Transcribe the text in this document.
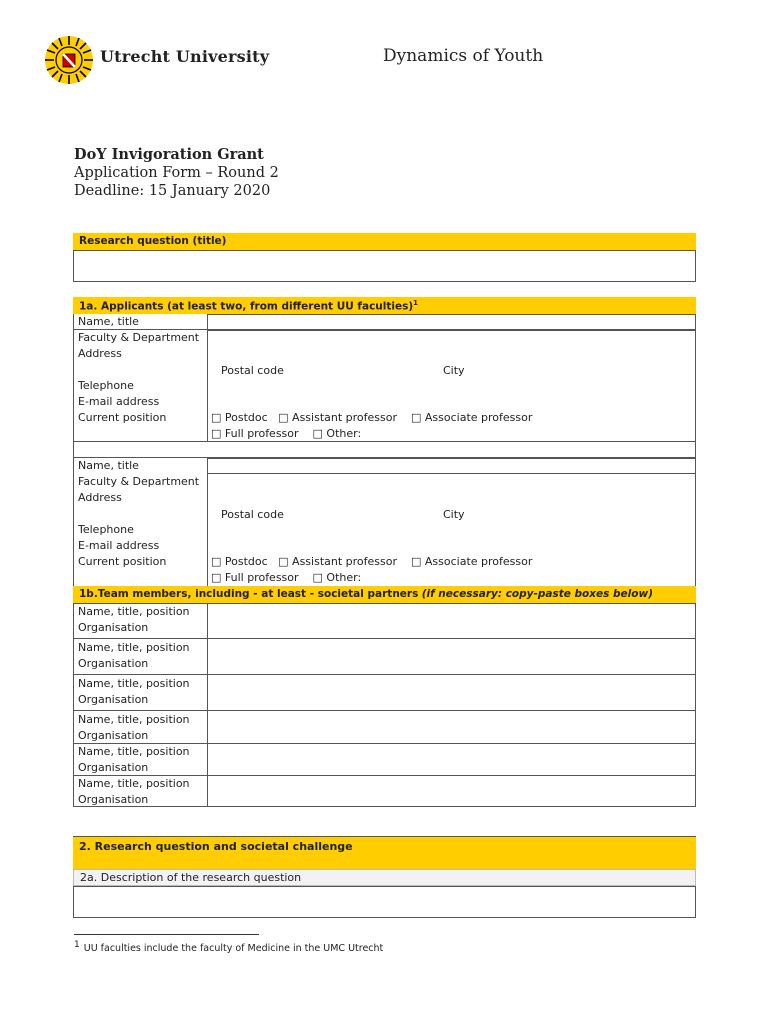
Utrecht University	Dynamics of Youth
DoY Invigoration Grant
Application Form – Round 2
Deadline: 15 January 2020
Research question (title)
1a. Applicants (at least two, from different UU faculties)$^1$
Name, title
Faculty & Department
Address
Postal code	City
Telephone
E-mail address
Current position	□ Postdoc   □ Assistant professor    □ Associate professor
□ Full professor    □ Other:
Name, title
Faculty & Department
Address
Postal code	City
Telephone
E-mail address
Current position	□ Postdoc   □ Assistant professor    □ Associate professor
□ Full professor    □ Other:
1b.Team members, including - at least - societal partners (if necessary: copy-paste boxes below)
Name, title, position
Organisation
Name, title, position
Organisation
Name, title, position
Organisation
Name, title, position
Organisation
Name, title, position
Organisation
Name, title, position
Organisation
2. Research question and societal challenge
2a. Description of the research question
$^1$ UU faculties include the faculty of Medicine in the UMC Utrecht
